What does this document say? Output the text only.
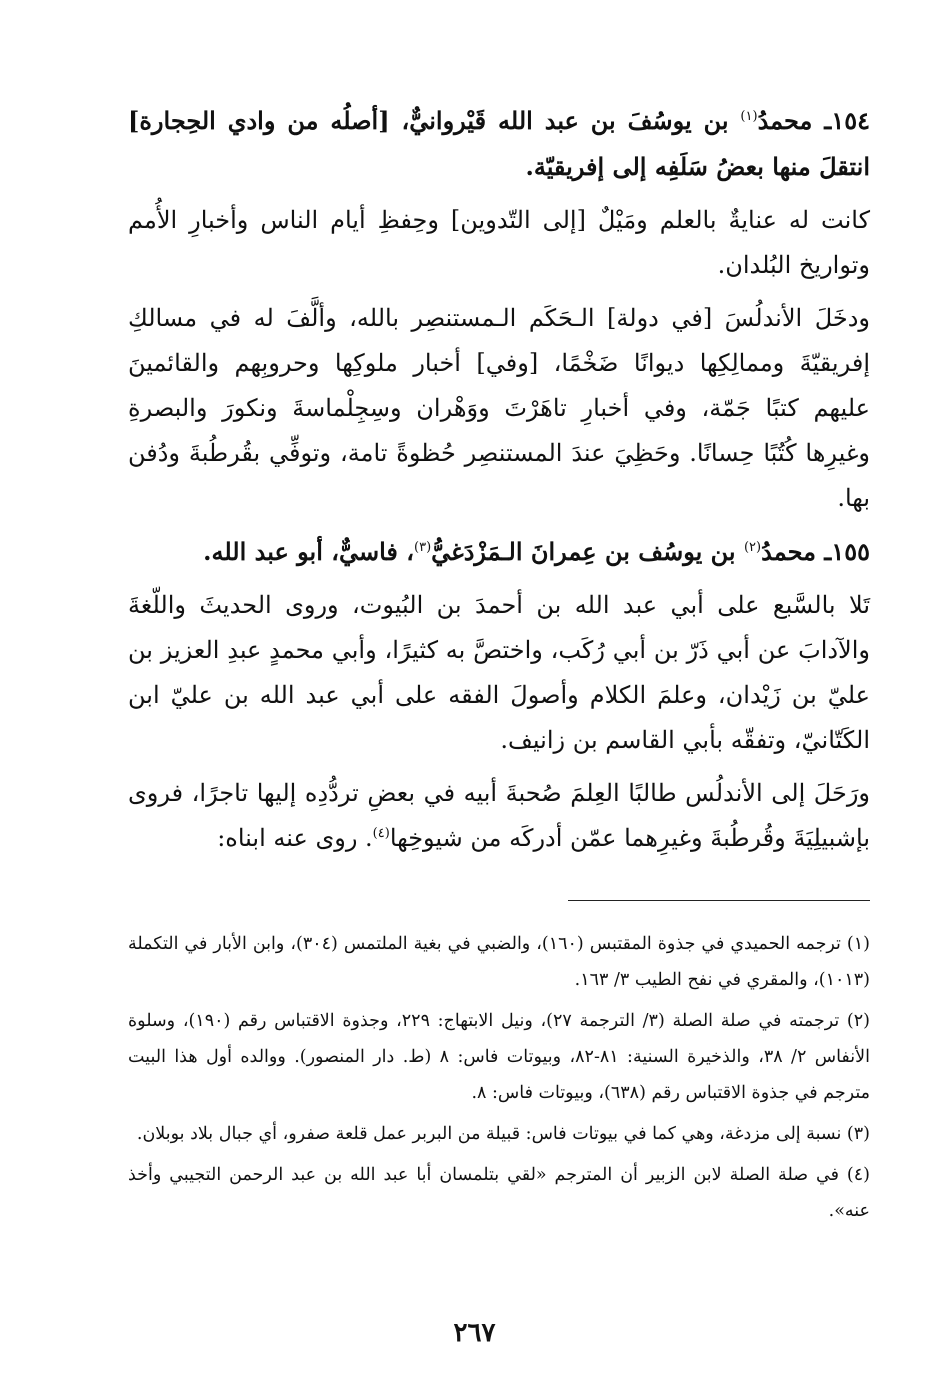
١٥٤ـ محمدُ$^{(١)}$ بن يوسُفَ بن عبد الله قَيْروانيٌّ، [أصلُه من وادي الحِجارة] انتقلَ منها بعضُ سَلَفِه إلى إفريقيّة.

كانت له عنايةٌ بالعلم ومَيْلٌ [إلى التّدوين] وحِفظِ أيام الناس وأخبارِ الأُمم وتواريخ البُلدان.

ودخَلَ الأندلُسَ [في دولة] الـحَكَم الـمستنصِر بالله، وألَّفَ له في مسالكِ إفريقيّةَ وممالِكِها ديوانًا ضَخْمًا، [وفي] أخبار ملوكِها وحروبِهم والقائمينَ عليهم كتبًا جَمّة، وفي أخبارِ تاهَرْتَ ووَهْران وسِجِلْماسةَ ونكورَ والبصرةِ وغيرِها كُتُبًا حِسانًا. وحَظِيَ عندَ المستنصِر حُظوةً تامة، وتوفِّي بقُرطُبةَ ودُفن بها.

١٥٥ـ محمدُ$^{(٢)}$ بن يوسُف بن عِمرانَ الـمَزْدَغيُّ$^{(٣)}$، فاسيٌّ، أبو عبد الله.

تَلا بالسَّبع على أبي عبد الله بن أحمدَ بن البُيوت، وروى الحديثَ واللّغةَ والآدابَ عن أبي ذَرّ بن أبي رُكَب، واختصَّ به كثيرًا، وأبي محمدٍ عبدِ العزيز بن عليّ بن زَيْدان، وعلمَ الكلام وأصولَ الفقه على أبي عبد الله بن عليّ ابن الكَتّانيّ، وتفقّه بأبي القاسم بن زانيف.

ورَحَلَ إلى الأندلُس طالبًا العِلمَ صُحبةَ أبيه في بعضِ تردُّدِه إليها تاجرًا، فروى بإشبيلِيَةَ وقُرطُبةَ وغيرِهما عمّن أدركَه من شيوخِها$^{(٤)}$. روى عنه ابناه:

(١) ترجمه الحميدي في جذوة المقتبس (١٦٠)، والضبي في بغية الملتمس (٣٠٤)، وابن الأبار في التكملة (١٠١٣)، والمقري في نفح الطيب ٣/ ١٦٣.

(٢) ترجمته في صلة الصلة (٣/ الترجمة ٢٧)، ونيل الابتهاج: ٢٢٩، وجذوة الاقتباس رقم (١٩٠)، وسلوة الأنفاس ٢/ ٣٨، والذخيرة السنية: ٨١-٨٢، وبيوتات فاس: ٨ (ط. دار المنصور). ووالده أول هذا البيت مترجم في جذوة الاقتباس رقم (٦٣٨)، وبيوتات فاس: ٨.

(٣) نسبة إلى مزدغة، وهي كما في بيوتات فاس: قبيلة من البربر عمل قلعة صفرو، أي جبال بلاد بوبلان.

(٤) في صلة الصلة لابن الزبير أن المترجم «لقي بتلمسان أبا عبد الله بن عبد الرحمن التجيبي وأخذ عنه».

٢٦٧
